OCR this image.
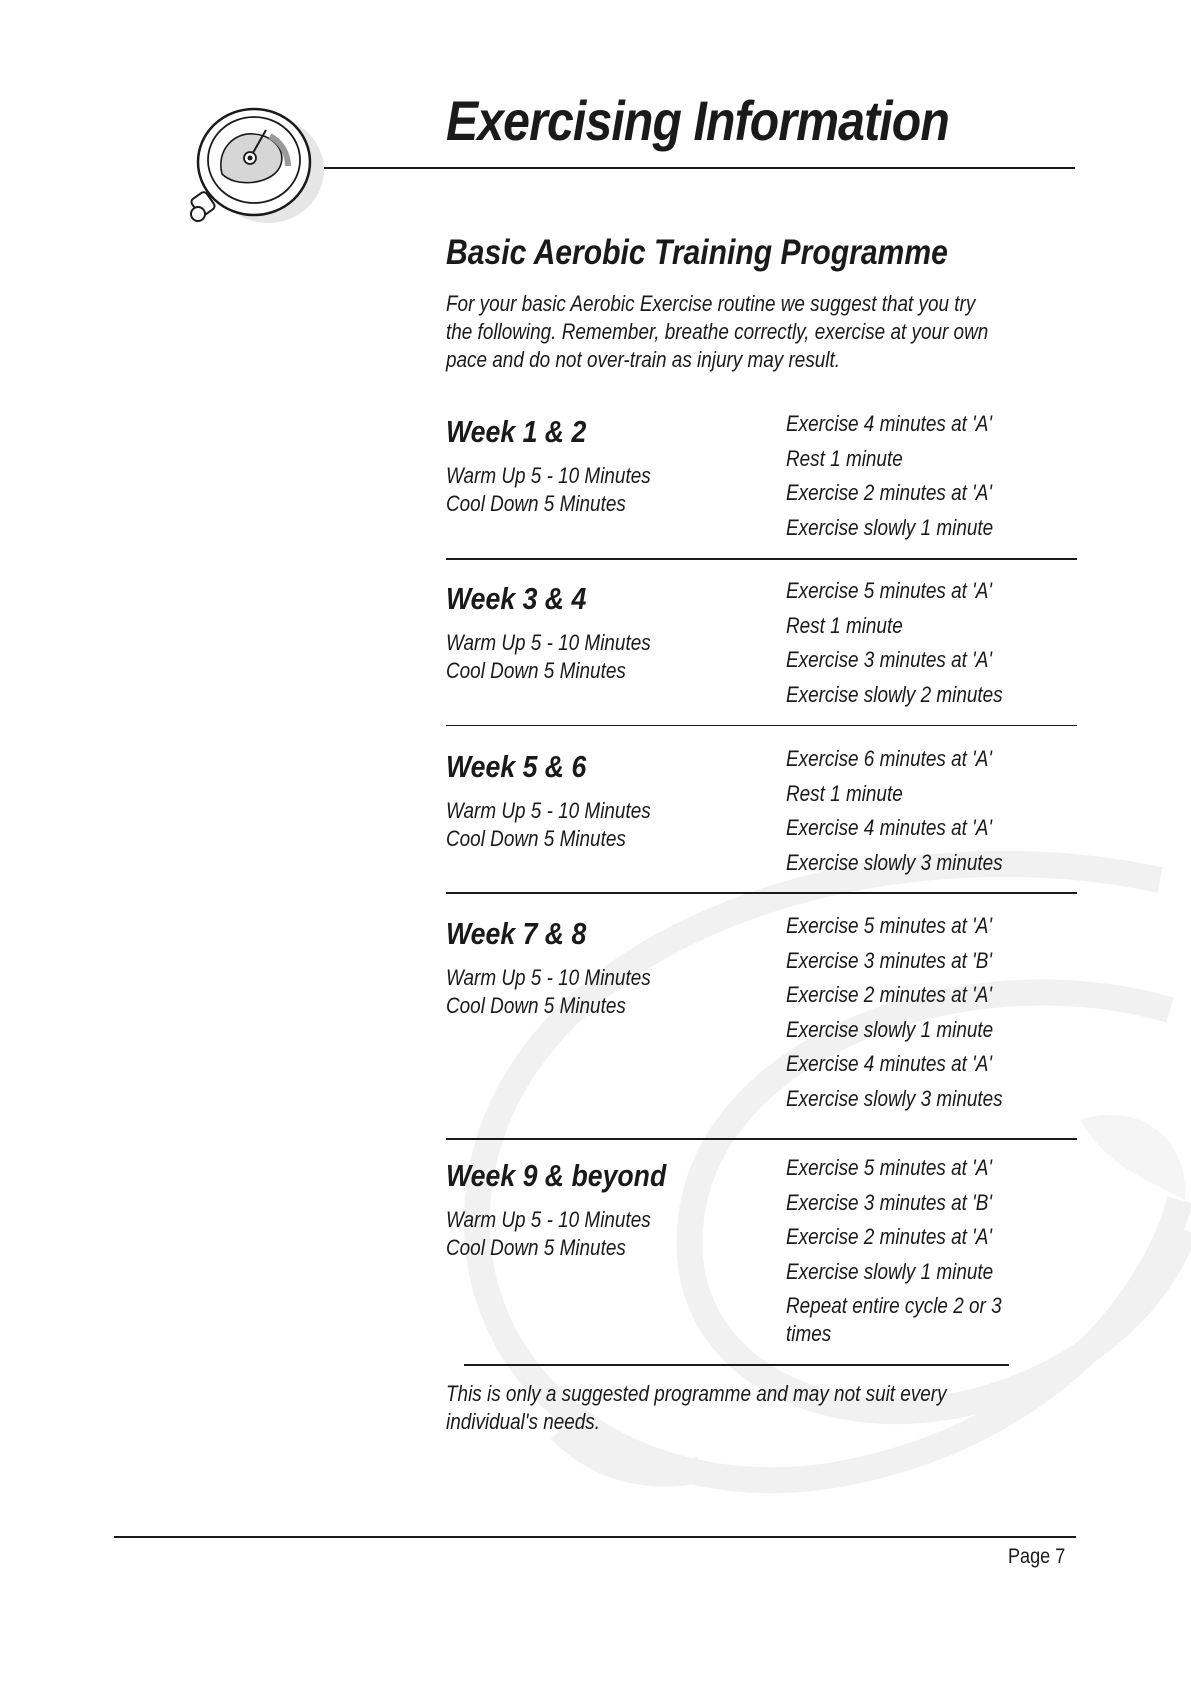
Exercising Information
Basic Aerobic Training Programme

For your basic Aerobic Exercise routine we suggest that you try the following. Remember, breathe correctly, exercise at your own pace and do not over-train as injury may result.

Week 1 & 2
Warm Up 5 - 10 Minutes
Cool Down 5 Minutes
Exercise 4 minutes at 'A'
Rest 1 minute
Exercise 2 minutes at 'A'
Exercise slowly 1 minute
Week 3 & 4
Warm Up 5 - 10 Minutes
Cool Down 5 Minutes
Exercise 5 minutes at 'A'
Rest 1 minute
Exercise 3 minutes at 'A'
Exercise slowly 2 minutes
Week 5 & 6
Warm Up 5 - 10 Minutes
Cool Down 5 Minutes
Exercise 6 minutes at 'A'
Rest 1 minute
Exercise 4 minutes at 'A'
Exercise slowly 3 minutes
Week 7 & 8
Warm Up 5 - 10 Minutes
Cool Down 5 Minutes
Exercise 5 minutes at 'A'
Exercise 3 minutes at 'B'
Exercise 2 minutes at 'A'
Exercise slowly 1 minute
Exercise 4 minutes at 'A'
Exercise slowly 3 minutes
Week 9 & beyond
Warm Up 5 - 10 Minutes
Cool Down 5 Minutes
Exercise 5 minutes at 'A'
Exercise 3 minutes at 'B'
Exercise 2 minutes at 'A'
Exercise slowly 1 minute
Repeat entire cycle 2 or 3 times

This is only a suggested programme and may not suit every individual's needs.

Page 7
